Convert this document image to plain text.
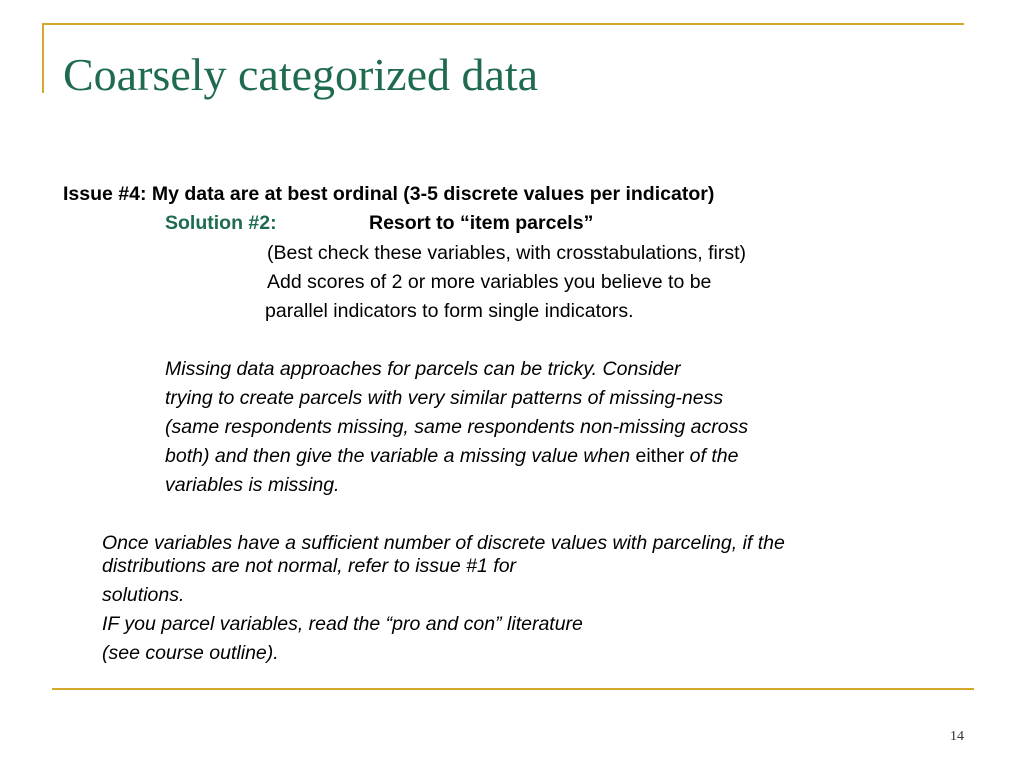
Coarsely categorized data
Issue #4: My data are at best ordinal (3-5 discrete values per indicator)
Solution #2:	Resort to “item parcels”
(Best check these variables, with crosstabulations, first)
Add scores of 2 or more variables you believe to be
parallel indicators to form single indicators.
Missing data approaches for parcels can be tricky. Consider
trying to create parcels with very similar patterns of missing-ness
(same respondents missing, same respondents non-missing across
both) and then give the variable a missing value when either of the
variables is missing.
Once variables have a sufficient number of discrete values with parceling, if the
distributions are not normal, refer to issue #1 for
solutions.
IF you parcel variables, read the “pro and con” literature
(see course outline).
14
